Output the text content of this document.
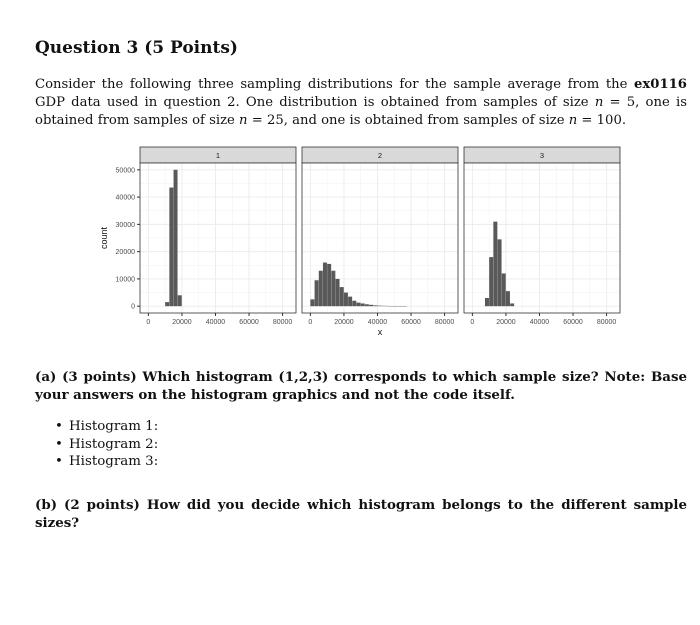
Question 3 (5 Points)

Consider the following three sampling distributions for the sample average from the ex0116 GDP data used in question 2. One distribution is obtained from samples of size n = 5, one is obtained from samples of size n = 25, and one is obtained from samples of size n = 100.

0
10000
20000
30000
40000
50000
count
1
0	20000 40000 60000 80000
2
0	20000 40000 60000 80000
3
0	20000 40000 60000 80000
x

(a) (3 points) Which histogram (1,2,3) corresponds to which sample size? Note: Base your answers on the histogram graphics and not the code itself.

• Histogram 1:
• Histogram 2:
• Histogram 3:

(b) (2 points) How did you decide which histogram belongs to the different sample sizes?
